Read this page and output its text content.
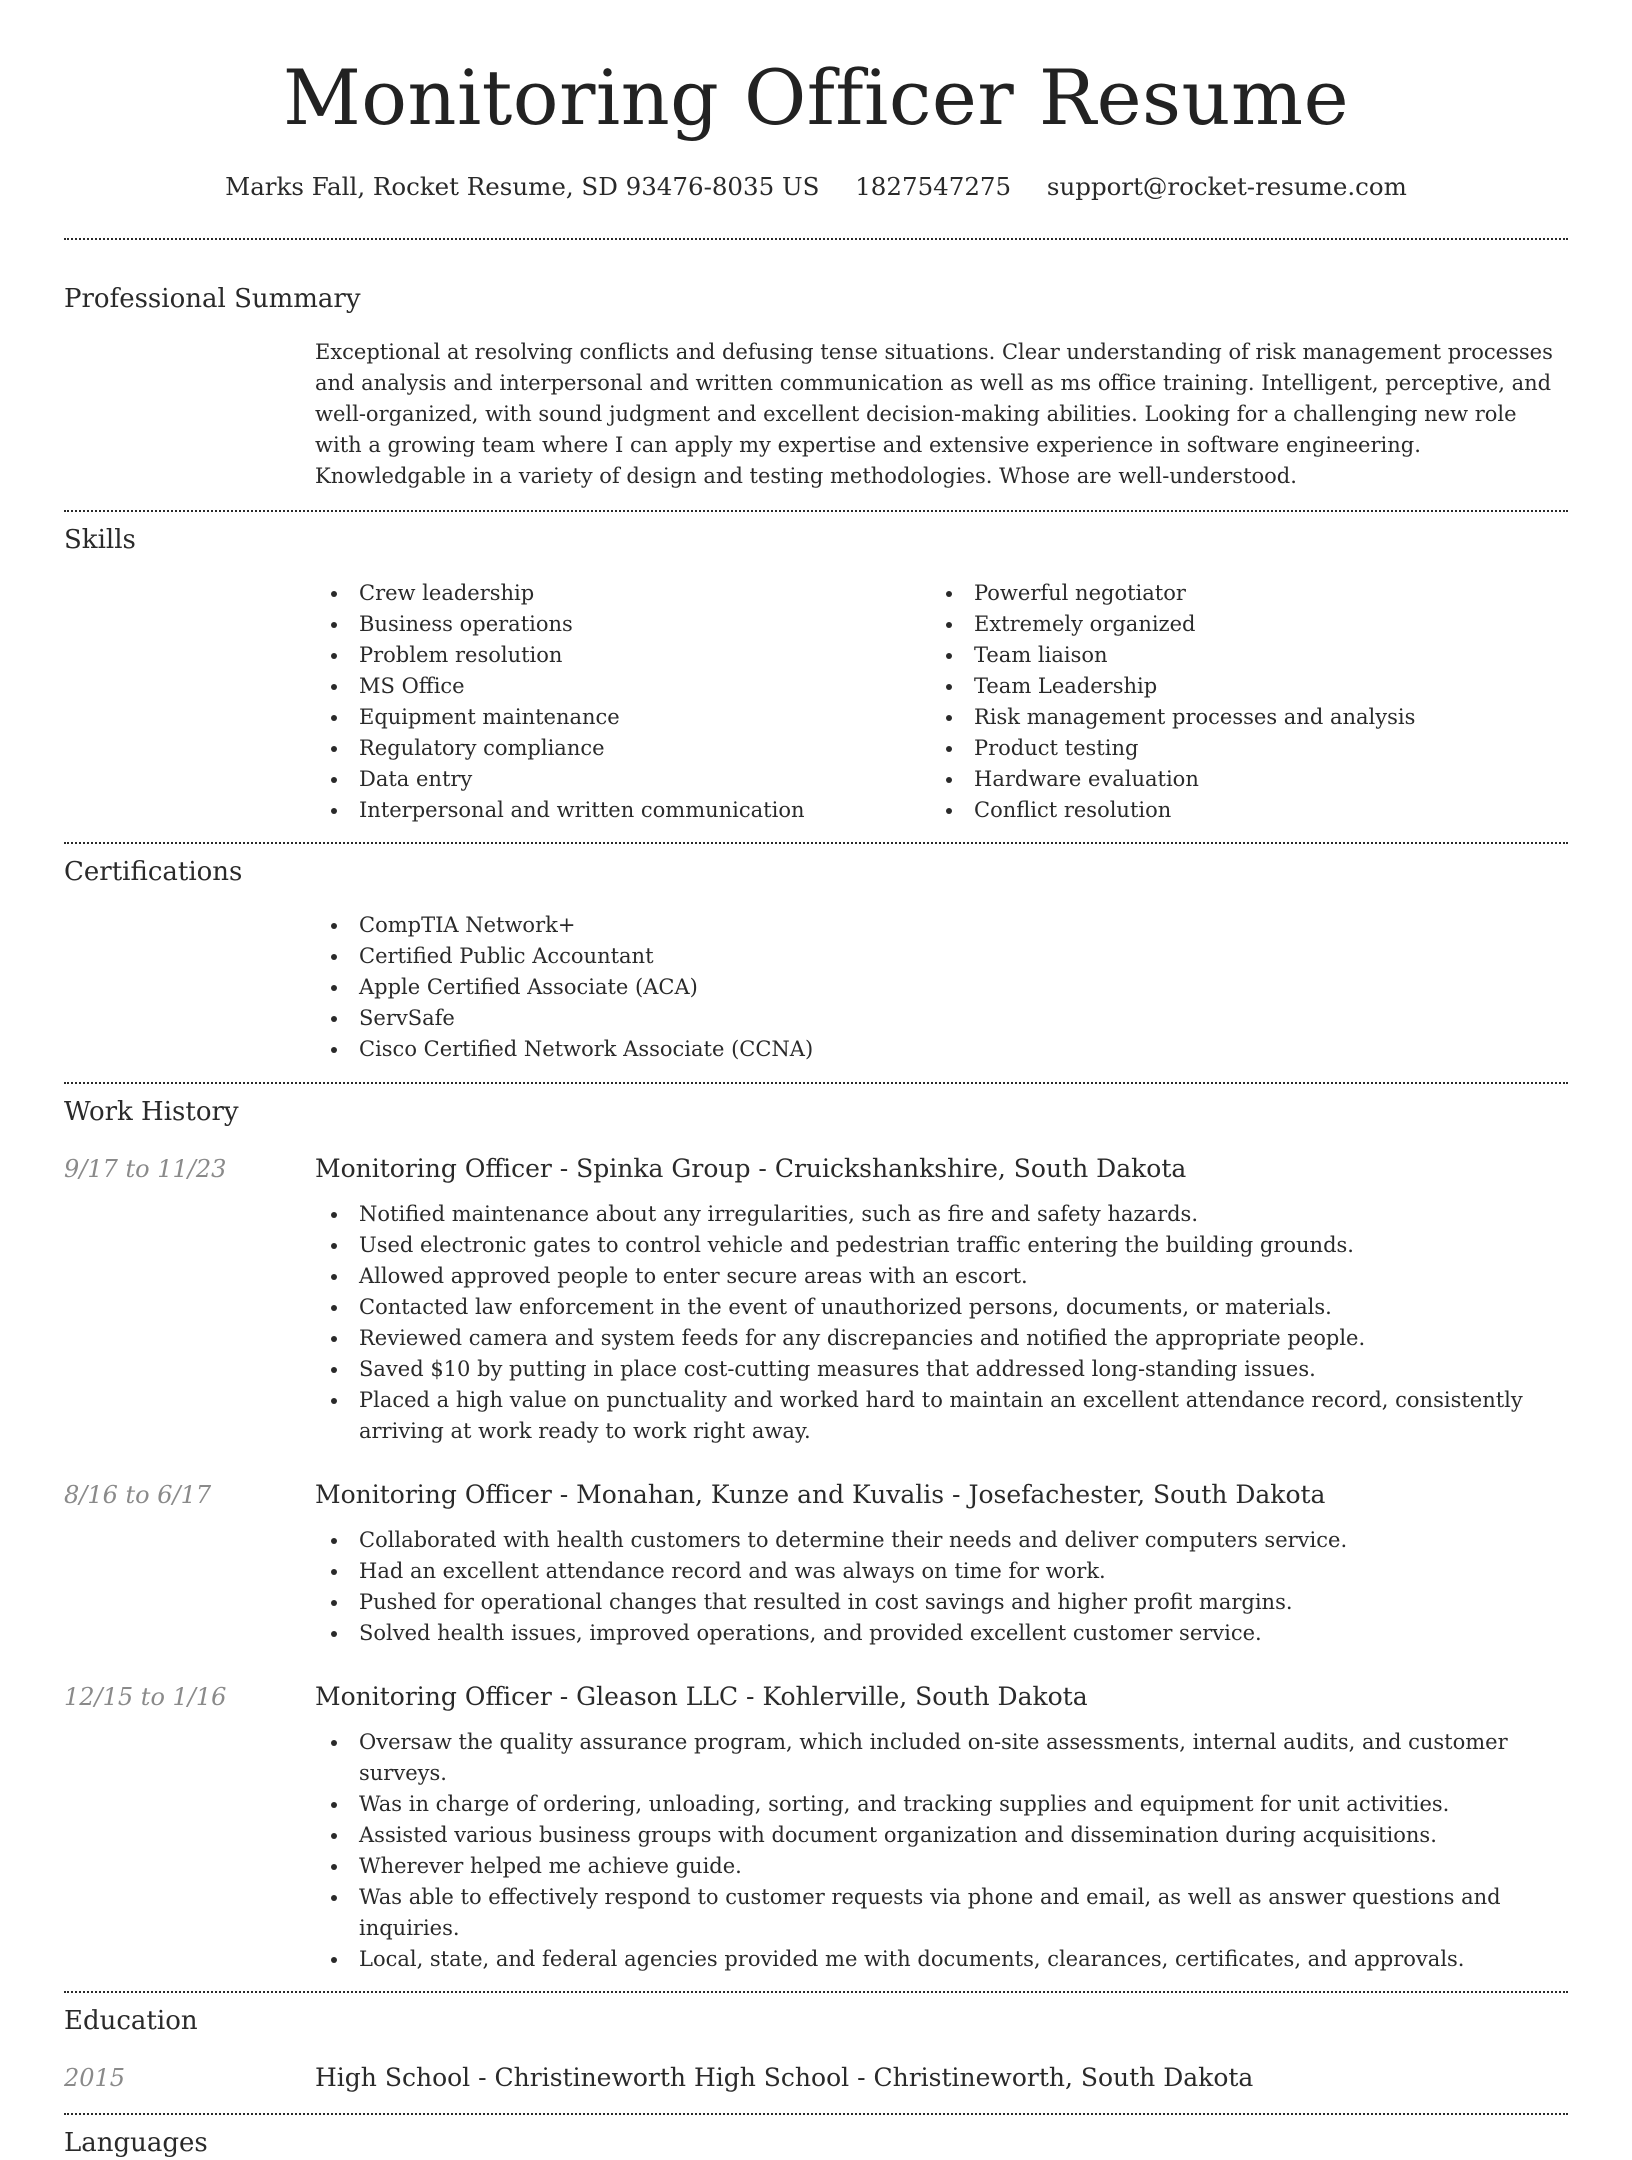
Monitoring Officer Resume
Marks Fall, Rocket Resume, SD 93476-8035 US 1827547275 support@rocket-resume.com
Professional Summary

Exceptional at resolving conflicts and defusing tense situations. Clear understanding of risk management processes and analysis and interpersonal and written communication as well as ms office training. Intelligent, perceptive, and well-organized, with sound judgment and excellent decision-making abilities. Looking for a challenging new role with a growing team where I can apply my expertise and extensive experience in software engineering. Knowledgable in a variety of design and testing methodologies. Whose are well-understood.

Skills
Crew leadership
Business operations
Problem resolution
MS Office
Equipment maintenance
Regulatory compliance
Data entry
Interpersonal and written communication
Powerful negotiator
Extremely organized
Team liaison
Team Leadership
Risk management processes and analysis
Product testing
Hardware evaluation
Conflict resolution
Certifications
CompTIA Network+
Certified Public Accountant
Apple Certified Associate (ACA)
ServSafe
Cisco Certified Network Associate (CCNA)
Work History
9/17 to 11/23	Monitoring Officer - Spinka Group - Cruickshankshire, South Dakota
Notified maintenance about any irregularities, such as fire and safety hazards.
Used electronic gates to control vehicle and pedestrian traffic entering the building grounds.
Allowed approved people to enter secure areas with an escort.
Contacted law enforcement in the event of unauthorized persons, documents, or materials.
Reviewed camera and system feeds for any discrepancies and notified the appropriate people.
Saved $10 by putting in place cost-cutting measures that addressed long-standing issues.
Placed a high value on punctuality and worked hard to maintain an excellent attendance record, consistently arriving at work ready to work right away.
8/16 to 6/17	Monitoring Officer - Monahan, Kunze and Kuvalis - Josefachester, South Dakota
Collaborated with health customers to determine their needs and deliver computers service.
Had an excellent attendance record and was always on time for work.
Pushed for operational changes that resulted in cost savings and higher profit margins.
Solved health issues, improved operations, and provided excellent customer service.
12/15 to 1/16	Monitoring Officer - Gleason LLC - Kohlerville, South Dakota
Oversaw the quality assurance program, which included on-site assessments, internal audits, and customer surveys.
Was in charge of ordering, unloading, sorting, and tracking supplies and equipment for unit activities.
Assisted various business groups with document organization and dissemination during acquisitions.
Wherever helped me achieve guide.
Was able to effectively respond to customer requests via phone and email, as well as answer questions and inquiries.
Local, state, and federal agencies provided me with documents, clearances, certificates, and approvals.
Education
2015	High School - Christineworth High School - Christineworth, South Dakota
Languages
